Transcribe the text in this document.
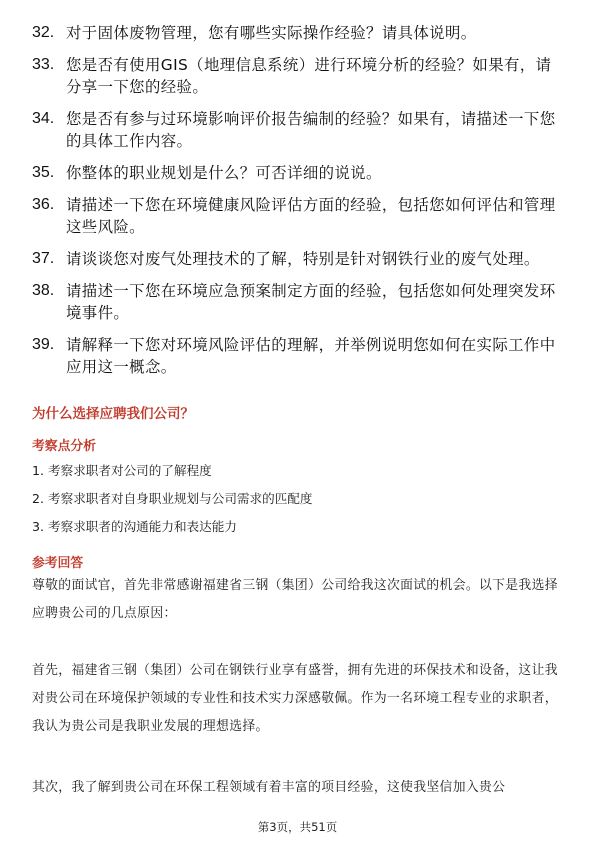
32. 对于固体废物管理，您有哪些实际操作经验？请具体说明。
33. 您是否有使用GIS（地理信息系统）进行环境分析的经验？如果有，请分享一下您的经验。
34. 您是否有参与过环境影响评价报告编制的经验？如果有，请描述一下您的具体工作内容。
35. 你整体的职业规划是什么？可否详细的说说。
36. 请描述一下您在环境健康风险评估方面的经验，包括您如何评估和管理这些风险。
37. 请谈谈您对废气处理技术的了解，特别是针对钢铁行业的废气处理。
38. 请描述一下您在环境应急预案制定方面的经验，包括您如何处理突发环境事件。
39. 请解释一下您对环境风险评估的理解，并举例说明您如何在实际工作中应用这一概念。
为什么选择应聘我们公司？
考察点分析
1. 考察求职者对公司的了解程度
2. 考察求职者对自身职业规划与公司需求的匹配度
3. 考察求职者的沟通能力和表达能力
参考回答
尊敬的面试官，首先非常感谢福建省三钢（集团）公司给我这次面试的机会。以下是我选择应聘贵公司的几点原因：
首先，福建省三钢（集团）公司在钢铁行业享有盛誉，拥有先进的环保技术和设备，这让我对贵公司在环境保护领域的专业性和技术实力深感敬佩。作为一名环境工程专业的求职者，我认为贵公司是我职业发展的理想选择。
其次，我了解到贵公司在环保工程领域有着丰富的项目经验，这使我坚信加入贵公
第3页，共51页
